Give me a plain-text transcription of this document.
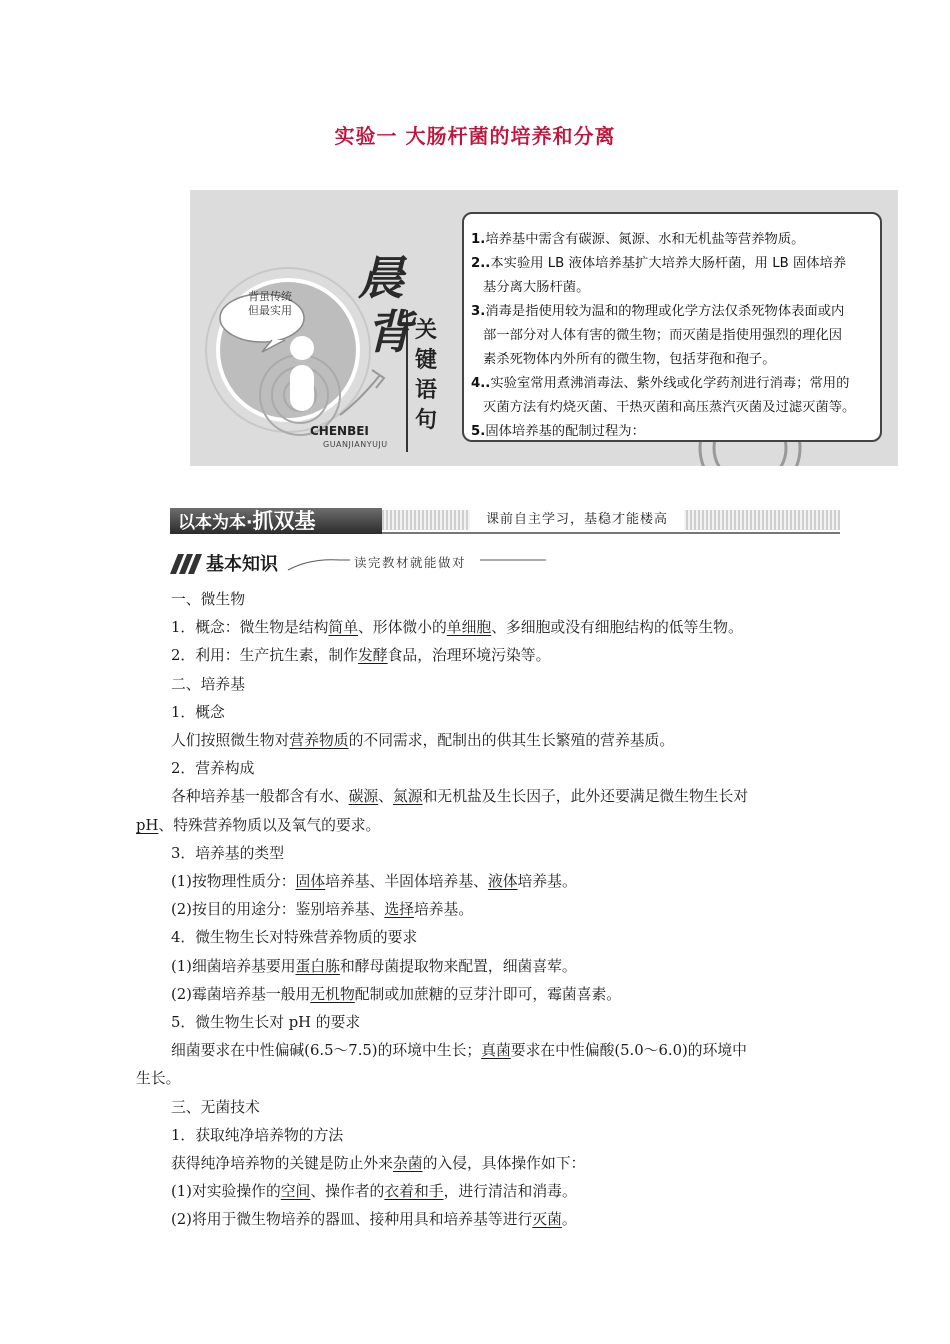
实验一 大肠杆菌的培养和分离
背虽传统
但最实用
晨
背 关
键
语
句
CHENBEI
GUANJIANYUJU

1.培养基中需含有碳源、氮源、水和无机盐等营养物质。

2..本实验用 LB 液体培养基扩大培养大肠杆菌，用 LB 固体培养

基分离大肠杆菌。

3.消毒是指使用较为温和的物理或化学方法仅杀死物体表面或内

部一部分对人体有害的微生物；而灭菌是指使用强烈的理化因

素杀死物体内外所有的微生物，包括芽孢和孢子。

4..实验室常用煮沸消毒法、紫外线或化学药剂进行消毒；常用的

灭菌方法有灼烧灭菌、干热灭菌和高压蒸汽灭菌及过滤灭菌等。

5.固体培养基的配制过程为：

以本为本·抓双基	课前自主学习，基稳才能楼高
基本知识	读完教材就能做对

一、微生物

1．概念：微生物是结构简单、形体微小的单细胞、多细胞或没有细胞结构的低等生物。

2．利用：生产抗生素，制作发酵食品，治理环境污染等。

二、培养基

1．概念

人们按照微生物对营养物质的不同需求，配制出的供其生长繁殖的营养基质。

2．营养构成

各种培养基一般都含有水、碳源、氮源和无机盐及生长因子，此外还要满足微生物生长对

pH、特殊营养物质以及氧气的要求。

3．培养基的类型

(1)按物理性质分：固体培养基、半固体培养基、液体培养基。

(2)按目的用途分：鉴别培养基、选择培养基。

4．微生物生长对特殊营养物质的要求

(1)细菌培养基要用蛋白胨和酵母菌提取物来配置，细菌喜荤。

(2)霉菌培养基一般用无机物配制或加蔗糖的豆芽汁即可，霉菌喜素。

5．微生物生长对 pH 的要求

细菌要求在中性偏碱(6.5～7.5)的环境中生长；真菌要求在中性偏酸(5.0～6.0)的环境中

生长。

三、无菌技术

1．获取纯净培养物的方法

获得纯净培养物的关键是防止外来杂菌的入侵，具体操作如下：

(1)对实验操作的空间、操作者的衣着和手，进行清洁和消毒。

(2)将用于微生物培养的器皿、接种用具和培养基等进行灭菌。
